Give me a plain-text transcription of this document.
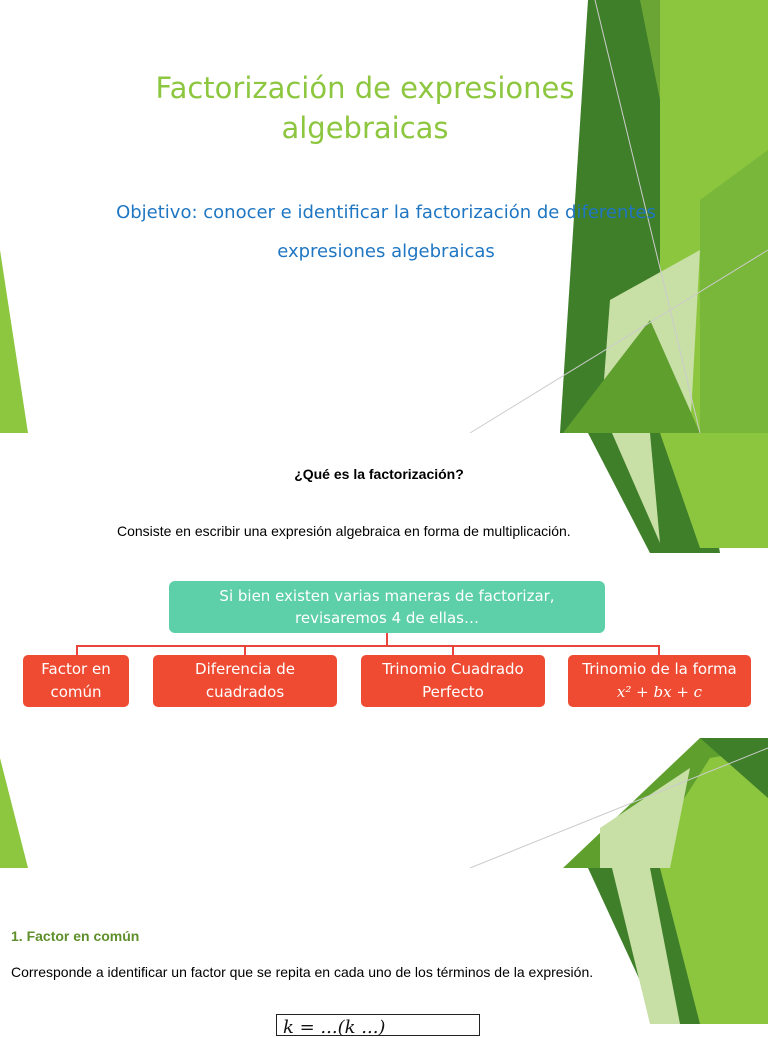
Factorización de expresiones
algebraicas
Objetivo: conocer e identificar la factorización de diferentes
expresiones algebraicas
¿Qué es la factorización?
Consiste en escribir una expresión algebraica en forma de multiplicación.
Si bien existen varias maneras de factorizar,
revisaremos 4 de ellas…
Factor en
común
Diferencia de
cuadrados
Trinomio Cuadrado
Perfecto
Trinomio de la forma
x² + bx + c
1. Factor en común
Corresponde a identificar un factor que se repita en cada uno de los términos de la expresión.
k = ...(k ...)
